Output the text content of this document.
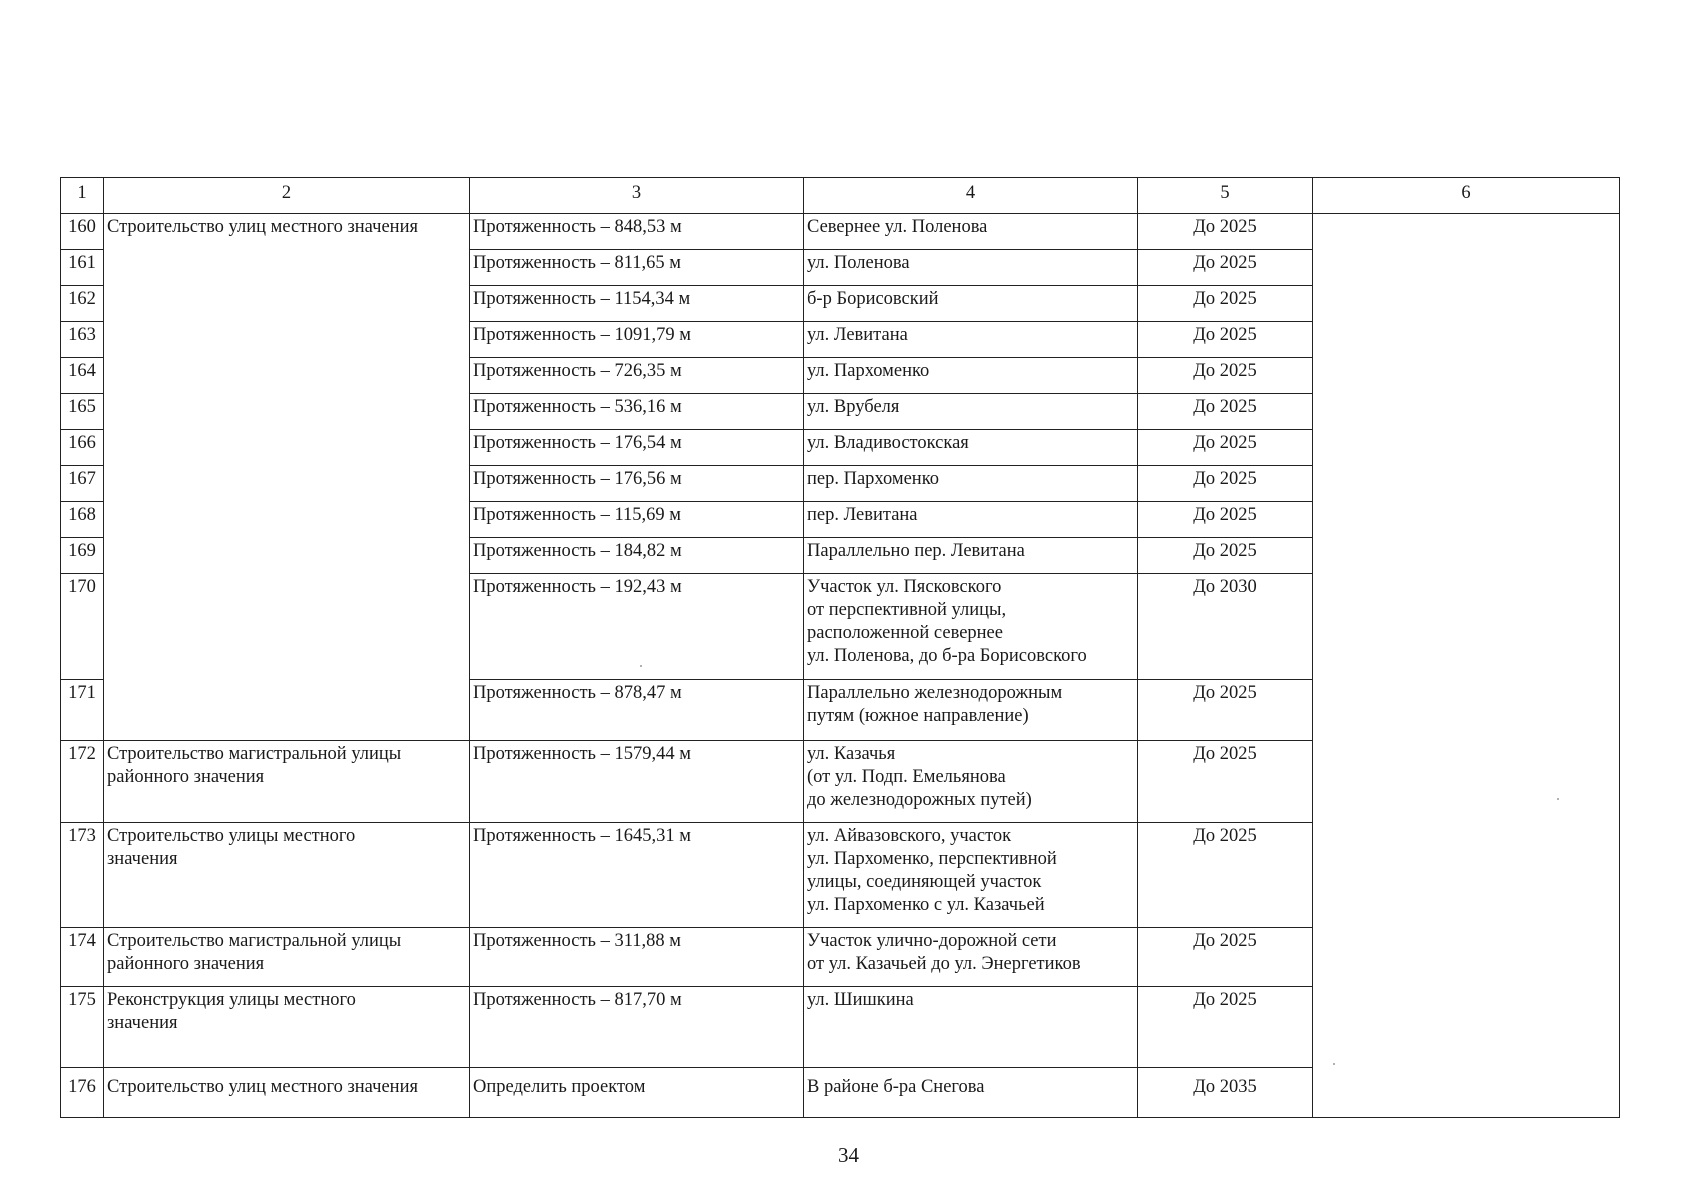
1	2	3	4	5	6
160	Строительство улиц местного значения	Протяженность – 848,53 м	Севернее ул. Поленова	До 2025	
161		Протяженность – 811,65 м	ул. Поленова	До 2025	
162		Протяженность – 1154,34 м	б-р Борисовский	До 2025	
163		Протяженность – 1091,79 м	ул. Левитана	До 2025	
164		Протяженность – 726,35 м	ул. Пархоменко	До 2025	
165		Протяженность – 536,16 м	ул. Врубеля	До 2025	
166		Протяженность – 176,54 м	ул. Владивостокская	До 2025	
167		Протяженность – 176,56 м	пер. Пархоменко	До 2025	
168		Протяженность – 115,69 м	пер. Левитана	До 2025	
169		Протяженность – 184,82 м	Параллельно пер. Левитана	До 2025	
170		Протяженность – 192,43 м	Участок ул. Пясковского
от перспективной улицы,
расположенной севернее
ул. Поленова, до б-ра Борисовского	До 2030	
171		Протяженность – 878,47 м	Параллельно железнодорожным
путям (южное направление)	До 2025	
172	Строительство магистральной улицы
районного значения	Протяженность – 1579,44 м	ул. Казачья
(от ул. Подп. Емельянова
до железнодорожных путей)	До 2025	
173	Строительство улицы местного
значения	Протяженность – 1645,31 м	ул. Айвазовского, участок
ул. Пархоменко, перспективной
улицы, соединяющей участок
ул. Пархоменко с ул. Казачьей	До 2025	
174	Строительство магистральной улицы
районного значения	Протяженность – 311,88 м	Участок улично-дорожной сети
от ул. Казачьей до ул. Энергетиков	До 2025	
175	Реконструкция улицы местного
значения	Протяженность – 817,70 м	ул. Шишкина	До 2025	
176	Строительство улиц местного значения	Определить проектом	В районе б-ра Снегова	До 2035	
34
